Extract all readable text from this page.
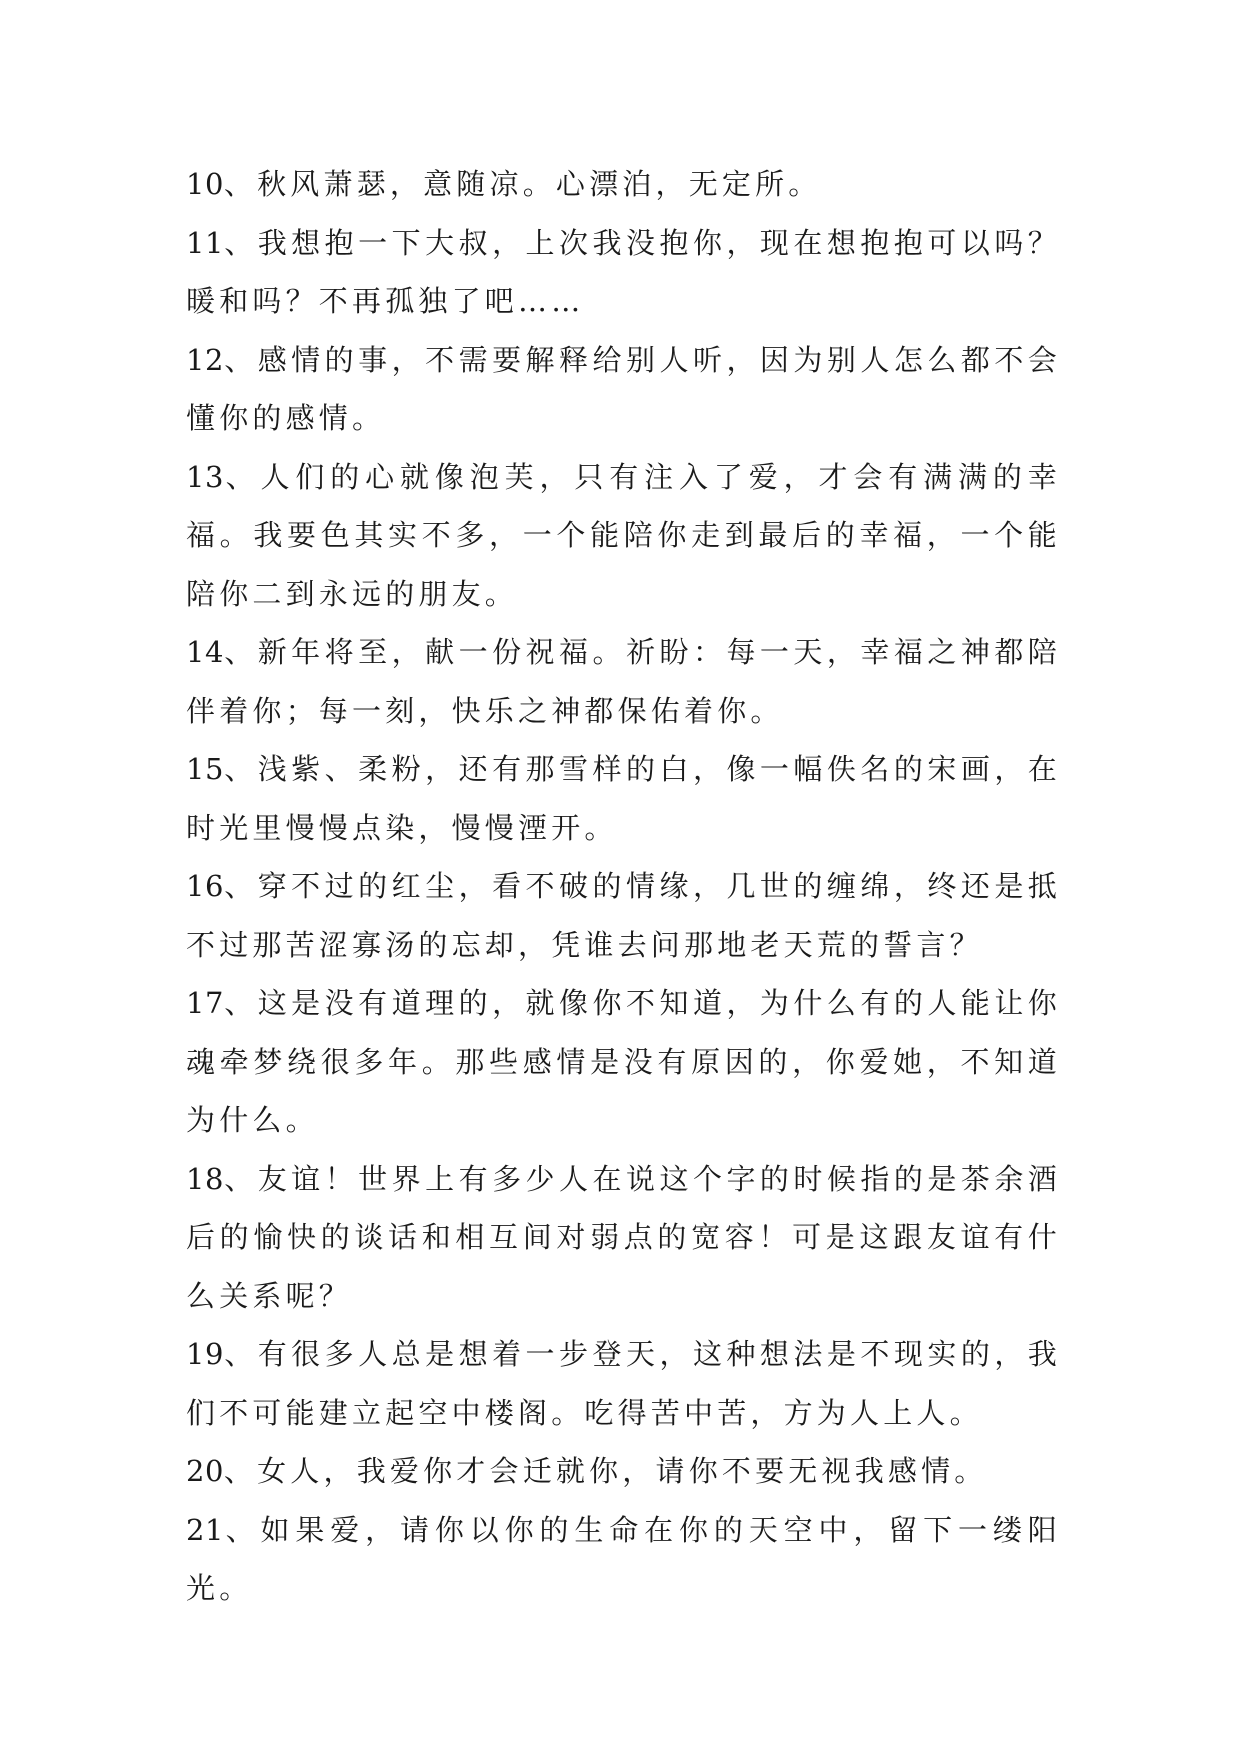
10、秋风萧瑟，意随凉。心漂泊，无定所。

11、我想抱一下大叔，上次我没抱你，现在想抱抱可以吗？暖和吗？不再孤独了吧……

12、感情的事，不需要解释给别人听，因为别人怎么都不会懂你的感情。

13、人们的心就像泡芙，只有注入了爱，才会有满满的幸福。我要色其实不多，一个能陪你走到最后的幸福，一个能陪你二到永远的朋友。

14、新年将至，献一份祝福。祈盼：每一天，幸福之神都陪伴着你；每一刻，快乐之神都保佑着你。

15、浅紫、柔粉，还有那雪样的白，像一幅佚名的宋画，在时光里慢慢点染，慢慢湮开。

16、穿不过的红尘，看不破的情缘，几世的缠绵，终还是抵不过那苦涩寡汤的忘却，凭谁去问那地老天荒的誓言？

17、这是没有道理的，就像你不知道，为什么有的人能让你魂牵梦绕很多年。那些感情是没有原因的，你爱她，不知道为什么。

18、友谊！世界上有多少人在说这个字的时候指的是茶余酒后的愉快的谈话和相互间对弱点的宽容！可是这跟友谊有什么关系呢？

19、有很多人总是想着一步登天，这种想法是不现实的，我们不可能建立起空中楼阁。吃得苦中苦，方为人上人。

20、女人，我爱你才会迁就你，请你不要无视我感情。

21、如果爱，请你以你的生命在你的天空中，留下一缕阳光。
